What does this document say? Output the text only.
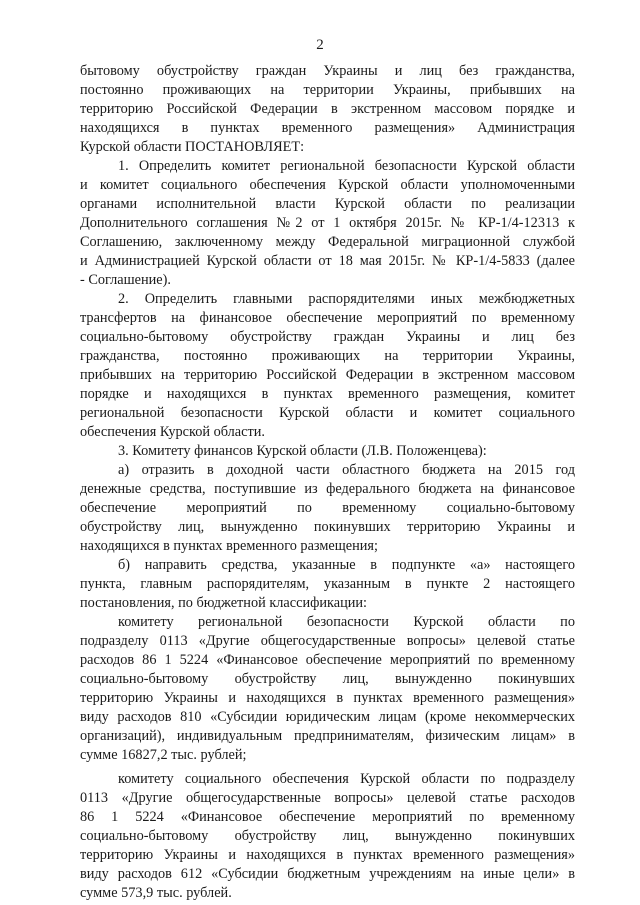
2
бытовому обустройству граждан Украины и лиц без гражданства,
постоянно проживающих на территории Украины, прибывших на
территорию Российской Федерации в экстренном массовом порядке и
находящихся в пунктах временного размещения» Администрация
Курской области ПОСТАНОВЛЯЕТ:
1. Определить комитет региональной безопасности Курской области
и комитет социального обеспечения Курской области уполномоченными
органами исполнительной власти Курской области по реализации
Дополнительного соглашения №2 от 1 октября 2015г. № КР-1/4-12313 к
Соглашению, заключенному между Федеральной миграционной службой
и Администрацией Курской области от 18 мая 2015г. № КР-1/4-5833 (далее
- Соглашение).
2. Определить главными распорядителями иных межбюджетных
трансфертов на финансовое обеспечение мероприятий по временному
социально-бытовому обустройству граждан Украины и лиц без
гражданства, постоянно проживающих на территории Украины,
прибывших на территорию Российской Федерации в экстренном массовом
порядке и находящихся в пунктах временного размещения, комитет
региональной безопасности Курской области и комитет социального
обеспечения Курской области.
3. Комитету финансов Курской области (Л.В. Положенцева):
а) отразить в доходной части областного бюджета на 2015 год
денежные средства, поступившие из федерального бюджета на финансовое
обеспечение мероприятий по временному социально-бытовому
обустройству лиц, вынужденно покинувших территорию Украины и
находящихся в пунктах временного размещения;
б) направить средства, указанные в подпункте «а» настоящего
пункта, главным распорядителям, указанным в пункте 2 настоящего
постановления, по бюджетной классификации:
комитету региональной безопасности Курской области по
подразделу 0113 «Другие общегосударственные вопросы» целевой статье
расходов 86 1 5224 «Финансовое обеспечение мероприятий по временному
социально-бытовому обустройству лиц, вынужденно покинувших
территорию Украины и находящихся в пунктах временного размещения»
виду расходов 810 «Субсидии юридическим лицам (кроме некоммерческих
организаций), индивидуальным предпринимателям, физическим лицам» в
сумме 16827,2 тыс. рублей;
комитету социального обеспечения Курской области по подразделу
0113 «Другие общегосударственные вопросы» целевой статье расходов
86 1 5224 «Финансовое обеспечение мероприятий по временному
социально-бытовому обустройству лиц, вынужденно покинувших
территорию Украины и находящихся в пунктах временного размещения»
виду расходов 612 «Субсидии бюджетным учреждениям на иные цели» в
сумме 573,9 тыс. рублей.
